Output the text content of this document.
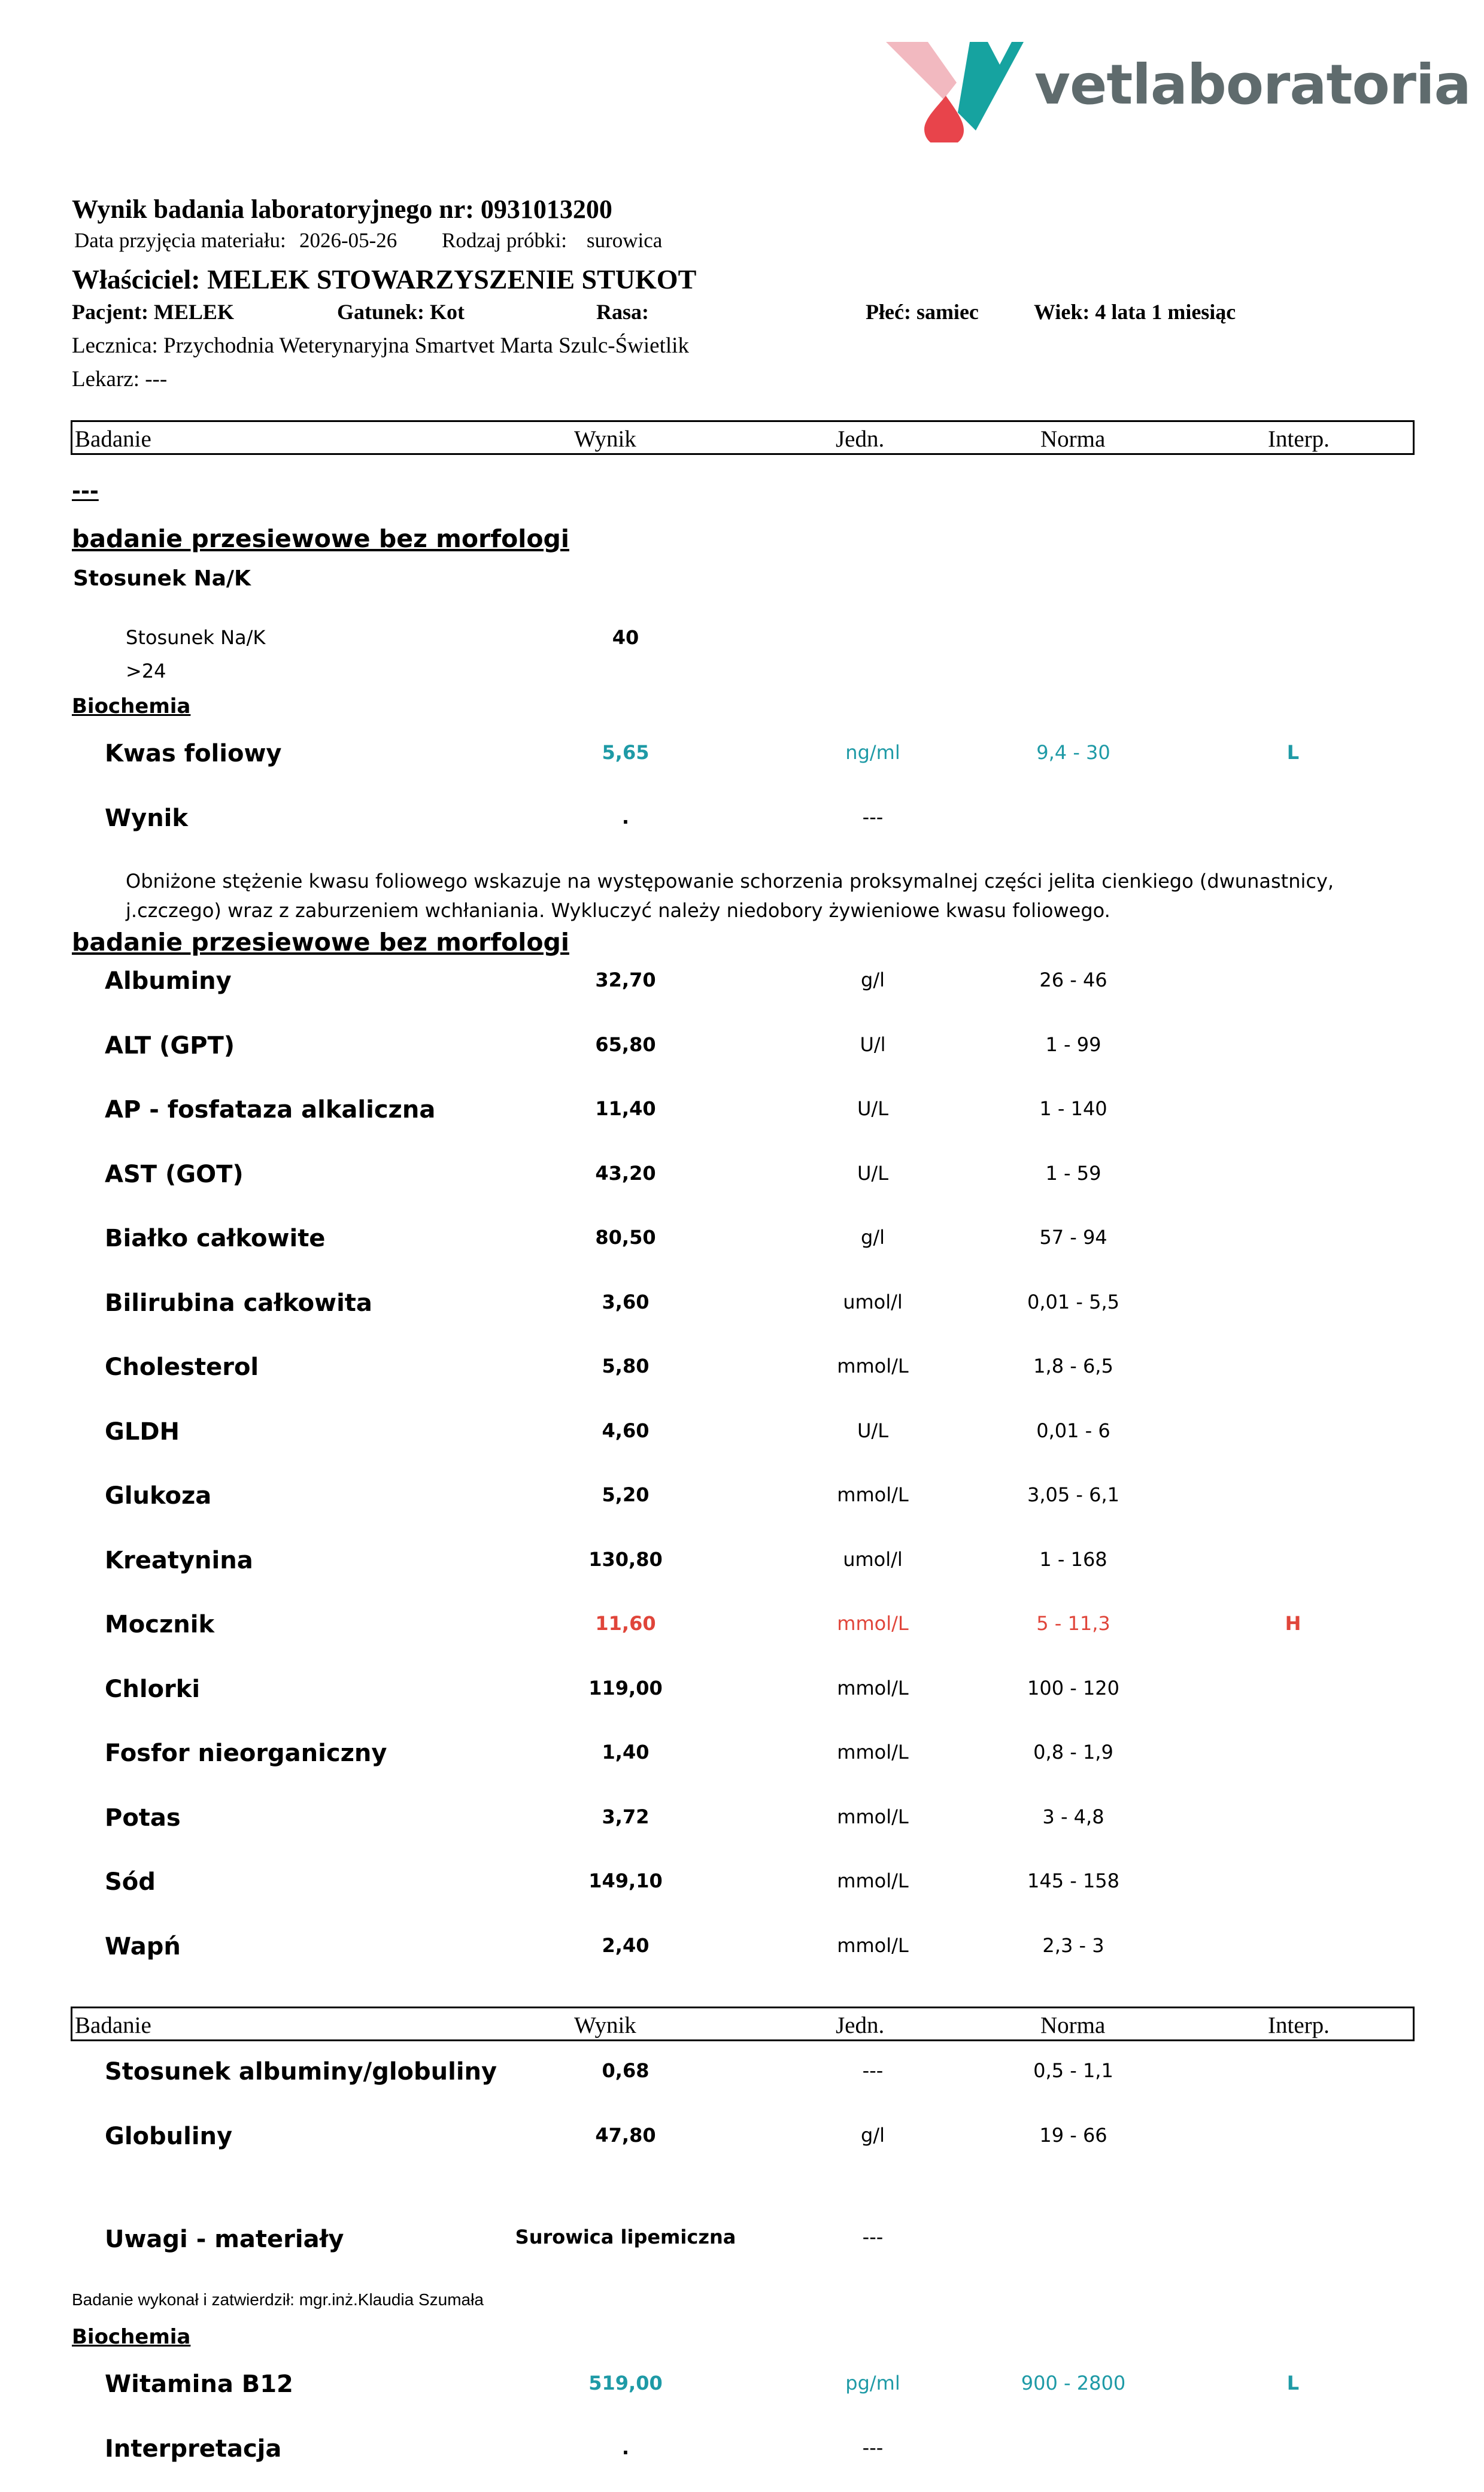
vetlaboratoria
Wynik badania laboratoryjnego nr: 0931013200
Data przyjęcia materiału: 2026-05-26 Rodzaj próbki: surowica
Właściciel: MELEK STOWARZYSZENIE STUKOT
Pacjent: MELEK	Gatunek: Kot	Rasa:	Płeć: samiec	Wiek: 4 lata 1 miesiąc
Lecznica: Przychodnia Weterynaryjna Smartvet Marta Szulc-Świetlik
Lekarz: ---
Badanie	Wynik	Jedn.	Norma	Interp.
---
badanie przesiewowe bez morfologi
Stosunek Na/K
Stosunek Na/K	40
>24
Biochemia
Kwas foliowy	5,65	ng/ml	9,4 - 30	L
Wynik	.	---
Obniżone stężenie kwasu foliowego wskazuje na występowanie schorzenia proksymalnej części jelita cienkiego (dwunastnicy, j.czczego) wraz z zaburzeniem wchłaniania. Wykluczyć należy niedobory żywieniowe kwasu foliowego.
badanie przesiewowe bez morfologi
Albuminy	32,70	g/l	26 - 46
ALT (GPT)	65,80	U/l	1 - 99
AP - fosfataza alkaliczna	11,40	U/L	1 - 140
AST (GOT)	43,20	U/L	1 - 59
Białko całkowite	80,50	g/l	57 - 94
Bilirubina całkowita	3,60	umol/l	0,01 - 5,5
Cholesterol	5,80	mmol/L	1,8 - 6,5
GLDH	4,60	U/L	0,01 - 6
Glukoza	5,20	mmol/L	3,05 - 6,1
Kreatynina	130,80	umol/l	1 - 168
Mocznik	11,60	mmol/L	5 - 11,3	H
Chlorki	119,00	mmol/L	100 - 120
Fosfor nieorganiczny	1,40	mmol/L	0,8 - 1,9
Potas	3,72	mmol/L	3 - 4,8
Sód	149,10	mmol/L	145 - 158
Wapń	2,40	mmol/L	2,3 - 3
Badanie	Wynik	Jedn.	Norma	Interp.
Stosunek albuminy/globuliny	0,68	---	0,5 - 1,1
Globuliny	47,80	g/l	19 - 66
Uwagi - materiały	Surowica lipemiczna	---
Badanie wykonał i zatwierdził: mgr.inż.Klaudia Szumała
Biochemia
Witamina B12	519,00	pg/ml	900 - 2800	L
Interpretacja	.	---
